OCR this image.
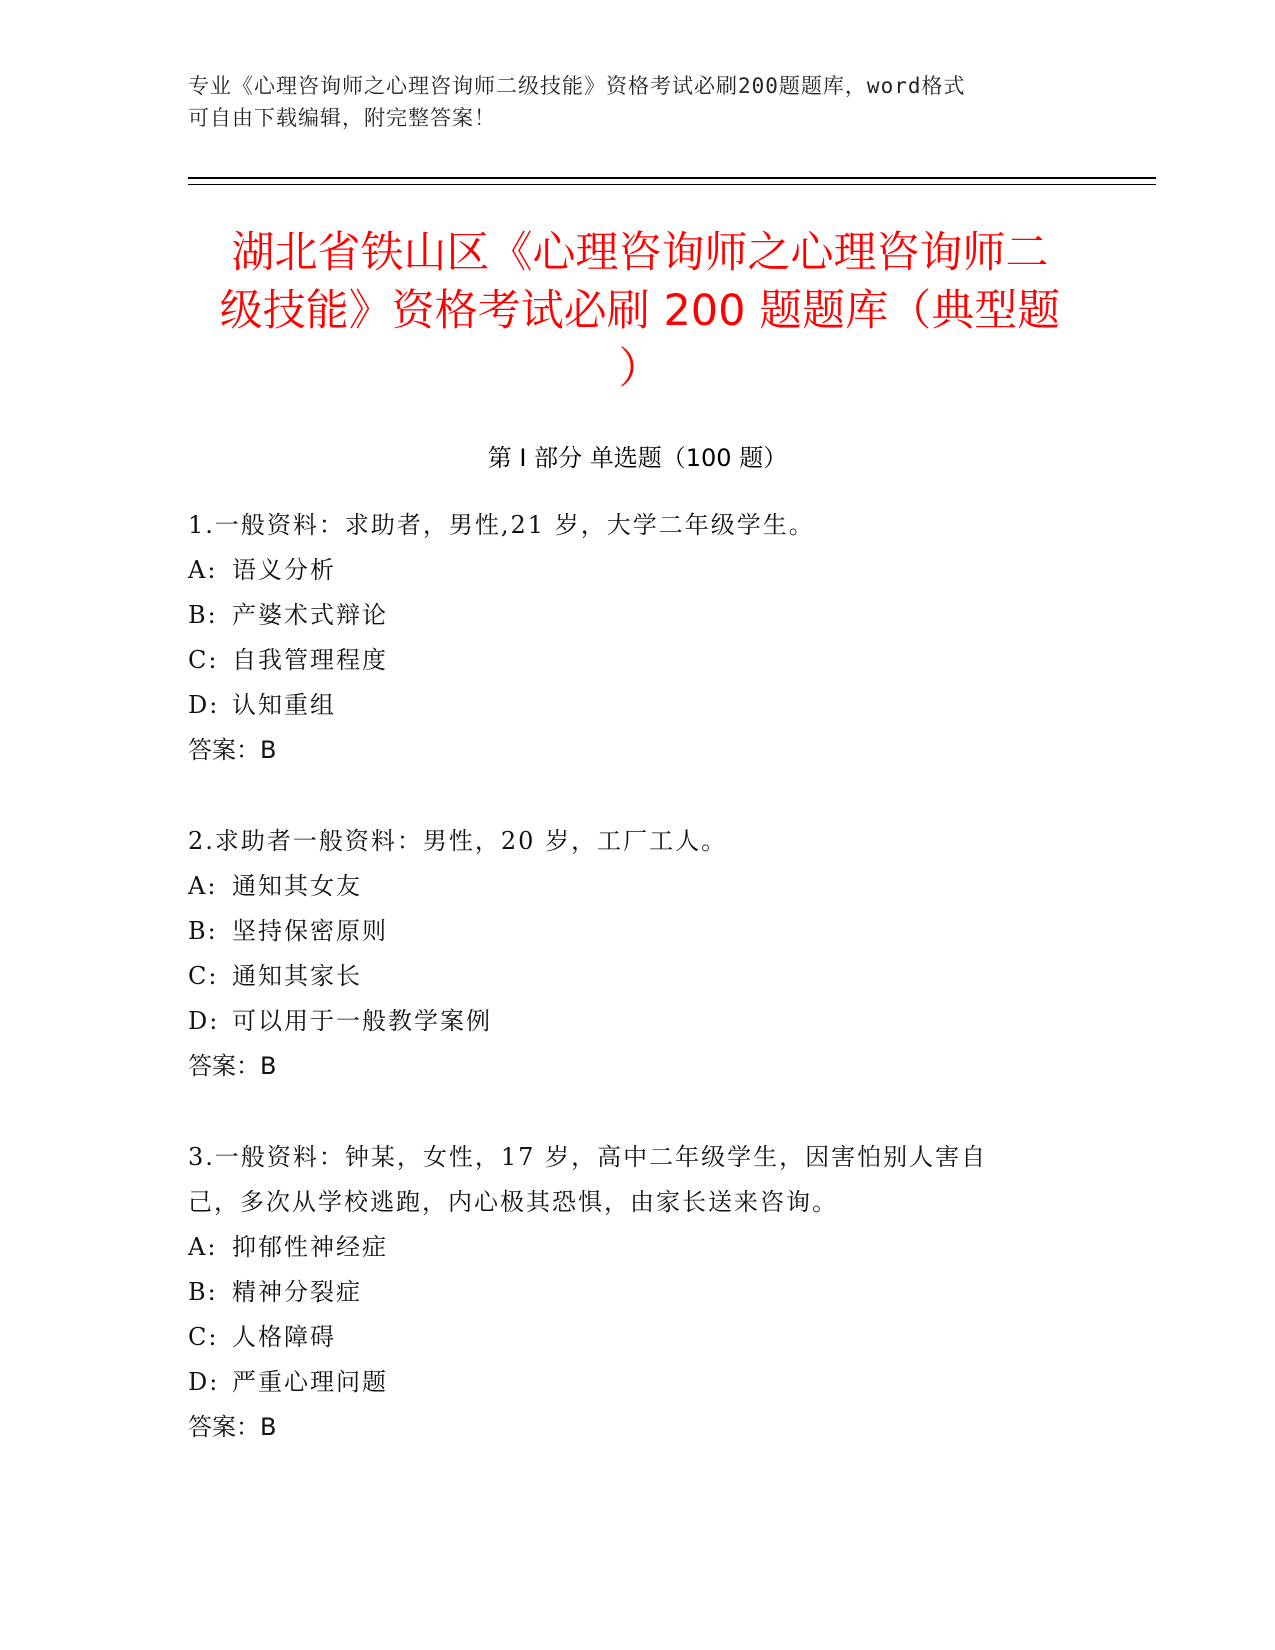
专业《心理咨询师之心理咨询师二级技能》资格考试必刷200题题库，word格式
可自由下载编辑，附完整答案！
湖北省铁山区《心理咨询师之心理咨询师二
级技能》资格考试必刷 200 题题库（典型题
）
第 I 部分 单选题（100 题）

1.一般资料：求助者，男性,21 岁，大学二年级学生。

A: 语义分析

B: 产婆术式辩论

C: 自我管理程度

D: 认知重组

答案：B

2.求助者一般资料：男性，20 岁，工厂工人。

A: 通知其女友

B: 坚持保密原则

C: 通知其家长

D: 可以用于一般教学案例

答案：B

3.一般资料：钟某，女性，17 岁，高中二年级学生，因害怕别人害自

己，多次从学校逃跑，内心极其恐惧，由家长送来咨询。

A: 抑郁性神经症

B: 精神分裂症

C: 人格障碍

D: 严重心理问题

答案：B
